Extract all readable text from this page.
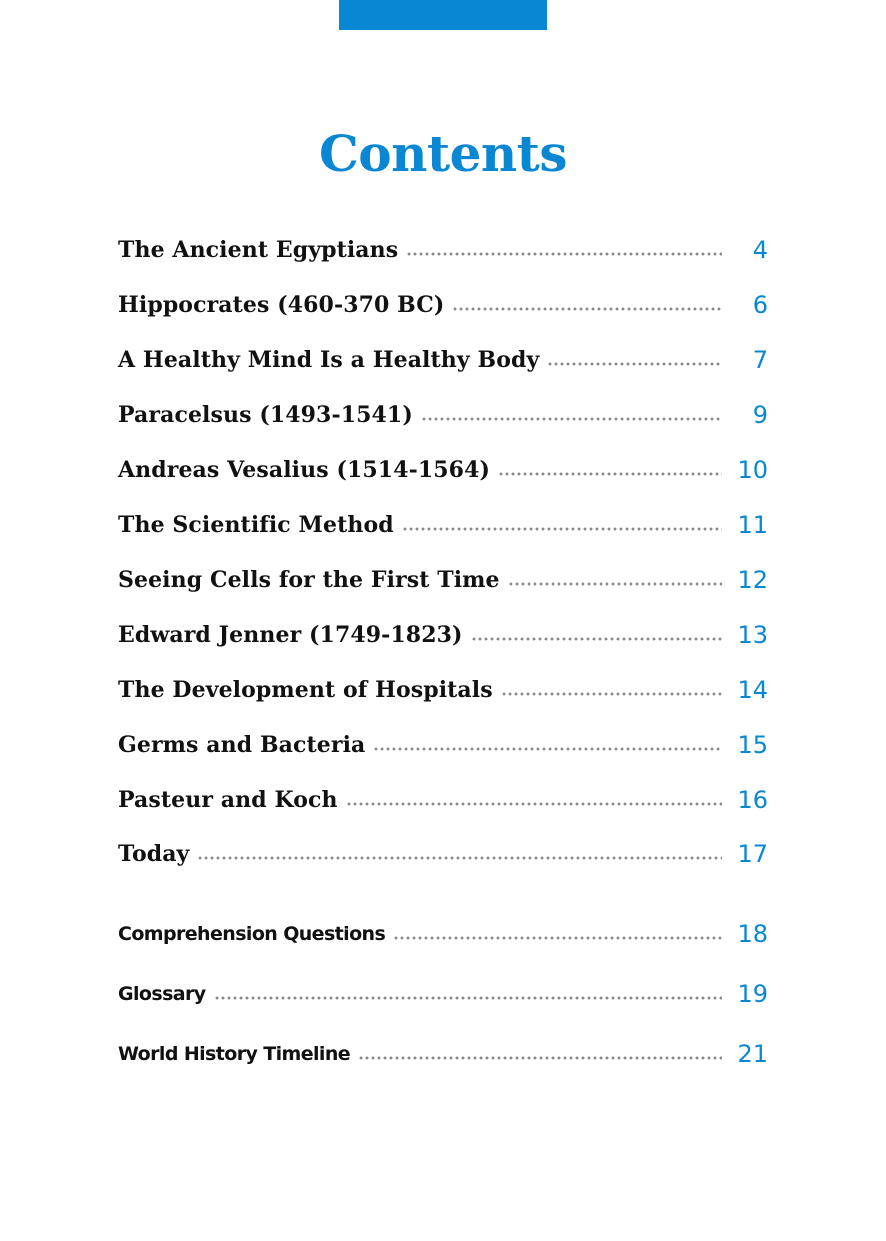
Contents
The Ancient Egyptians	4
Hippocrates (460-370 BC)	6
A Healthy Mind Is a Healthy Body	7
Paracelsus (1493-1541)	9
Andreas Vesalius (1514-1564)	10
The Scientific Method	11
Seeing Cells for the First Time	12
Edward Jenner (1749-1823)	13
The Development of Hospitals	14
Germs and Bacteria	15
Pasteur and Koch	16
Today	17
Comprehension Questions	18
Glossary	19
World History Timeline	21
